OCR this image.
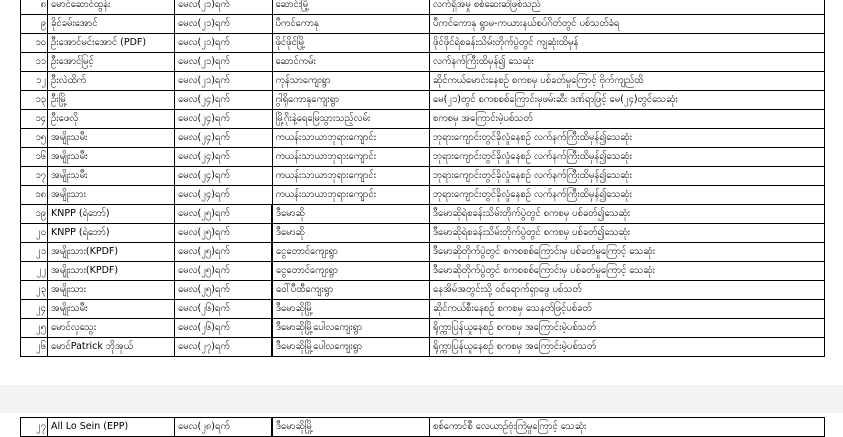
၈	မောင်ဆောင်ထွန်း	မေလ(၂၁)ရက်	ဆောင်းမြို့	လက်ရှိအမှု စစ်ဆေးဆဲဖြစ်သည်
၉	ခိုင်ခမ်းအောင်	မေလ(၂၁)ရက်	ပီကင်ကောနု	ပီကင်ကောနု ရွာမ-ကယားနယ်စပ်ဂိတ်တွင် ပစ်သတ်ခံရ
၁၀	ဦးအောင်မင်းအောင် (PDF)	မေလ(၂၁)ရက်	ဖိုင်ဖိုင်မြို့	ဖိုင်ဖိုင်ရဲစခန်းသိမ်းတိုက်ပွဲတွင် ကျဆုံးထိမှန်
၁၁	ဦးအောင်မြင့်	မေလ(၂၁)ရက်	ဆောင်ကမ်း	လက်နက်ကြီးထိမှန်၍ သေဆုံး
၁၂	ဦးလဲထိက်	မေလ(၂၁)ရက်	ကုန်သာကျေးရွာ	ဆိုင်ကယ်မောင်းနေစဉ် စကစမှ ပစ်ခတ်မှုကြောင့် ဗိုက်ကျည်ထိ
၁၃	ဦးမြို့	မေလ(၂၄)ရက်	ဂွါရိုကောနုကျေးရွာ	မေ(၂၁)တွင် စကစစစ်ကြောင်းမှဖမ်းဆီး ဒဏ်ရာဖြင့် မေ(၂၄)တွင်သေဆုံး
၁၄	ဦးဖေလို	မေလ(၂၄)ရက်	မြို့ဂိုးနဲ့ရေမြေသွားသည့်လမ်း	စကစမှ အကြောင်းမဲ့ပစ်သတ်
၁၅	အမျိုးသမီး	မေလ(၂၄)ရက်	ကယန်းသာယာဘုရားကျောင်း	ဘုရားကျောင်းတွင်ခိုလှုံနေစဉ် လက်နက်ကြီးထိမှန်၍သေဆုံး
၁၆	အမျိုးသမီး	မေလ(၂၄)ရက်	ကယန်းသာယာဘုရားကျောင်း	ဘုရားကျောင်းတွင်ခိုလှုံနေစဉ် လက်နက်ကြီးထိမှန်၍သေဆုံး
၁၇	အမျိုးသမီး	မေလ(၂၄)ရက်	ကယန်းသာယာဘုရားကျောင်း	ဘုရားကျောင်းတွင်ခိုလှုံနေစဉ် လက်နက်ကြီးထိမှန်၍သေဆုံး
၁၈	အမျိုးသား	မေလ(၂၄)ရက်	ကယန်းသာယာဘုရားကျောင်း	ဘုရားကျောင်းတွင်ခိုလှုံနေစဉ် လက်နက်ကြီးထိမှန်၍သေဆုံး
၁၉	KNPP (ရဲဘော်)	မေလ(၂၅)ရက်	ဒီမောဆို	ဒီမောဆိုရဲစခန်းသိမ်းတိုက်ပွဲတွင် စကစမှ ပစ်ခတ်၍သေဆုံး
၂၀	KNPP (ရဲဘော်)	မေလ(၂၅)ရက်	ဒီမောဆို	ဒီမောဆိုရဲစခန်းသိမ်းတိုက်ပွဲတွင် စကစမှ ပစ်ခတ်၍သေဆုံး
၂၁	အမျိုးသား(KPDF)	မေလ(၂၅)ရက်	ငွေတောင်ကျေးရွာ	ဒီမောဆိုတိုက်ပွဲတွင် စကစစစ်ကြောင်းမှ ပစ်ခတ်မှုကြောင့် သေဆုံး
၂၂	အမျိုးသား(KPDF)	မေလ(၂၅)ရက်	ငွေတောင်ကျေးရွာ	ဒီမောဆိုတိုက်ပွဲတွင် စကစစစ်ကြောင်းမှ ပစ်ခတ်မှုကြောင့် သေဆုံး
၂၃	အမျိုးသား	မေလ(၂၅)ရက်	ဝေါ်ပီထီကျေးရွာ	နေအိမ်အတွင်းသို့ ဝင်ရောက်ရှာဖွေ ပစ်သတ်
၂၄	အမျိုးသမီး	မေလ(၂၆)ရက်	ဒီမောဆိုမြို့	ဆိုင်ကယ်စီးနေစဉ် စကစမှ သေနတ်ဖြင့်ပစ်ခတ်
၂၅	မောင်လှသွေး	မေလ(၂၆)ရက်	ဒီမောဆိုမြို့ပေါလကျေးရွာ	ရိုက္ကာပြန်ယူနေစဉ် စကစမှ အကြောင်းမဲ့ပစ်သတ်
၂၆	မောင်Patrick ဘိုအုယ်	မေလ(၂၇)ရက်	ဒီမောဆိုမြို့ပေါလကျေးရွာ	ရိုက္ကာပြန်ယူနေစဉ် စကစမှ အကြောင်းမဲ့ပစ်သတ်
၂၇	All Lo Sein (EPP)	မေလ(၂၈)ရက်	ဒီမောဆိုမြို့	စစ်ကောင်စီ လေယာဉ်ဗုံးကြဲမှုကြောင့် သေဆုံး
